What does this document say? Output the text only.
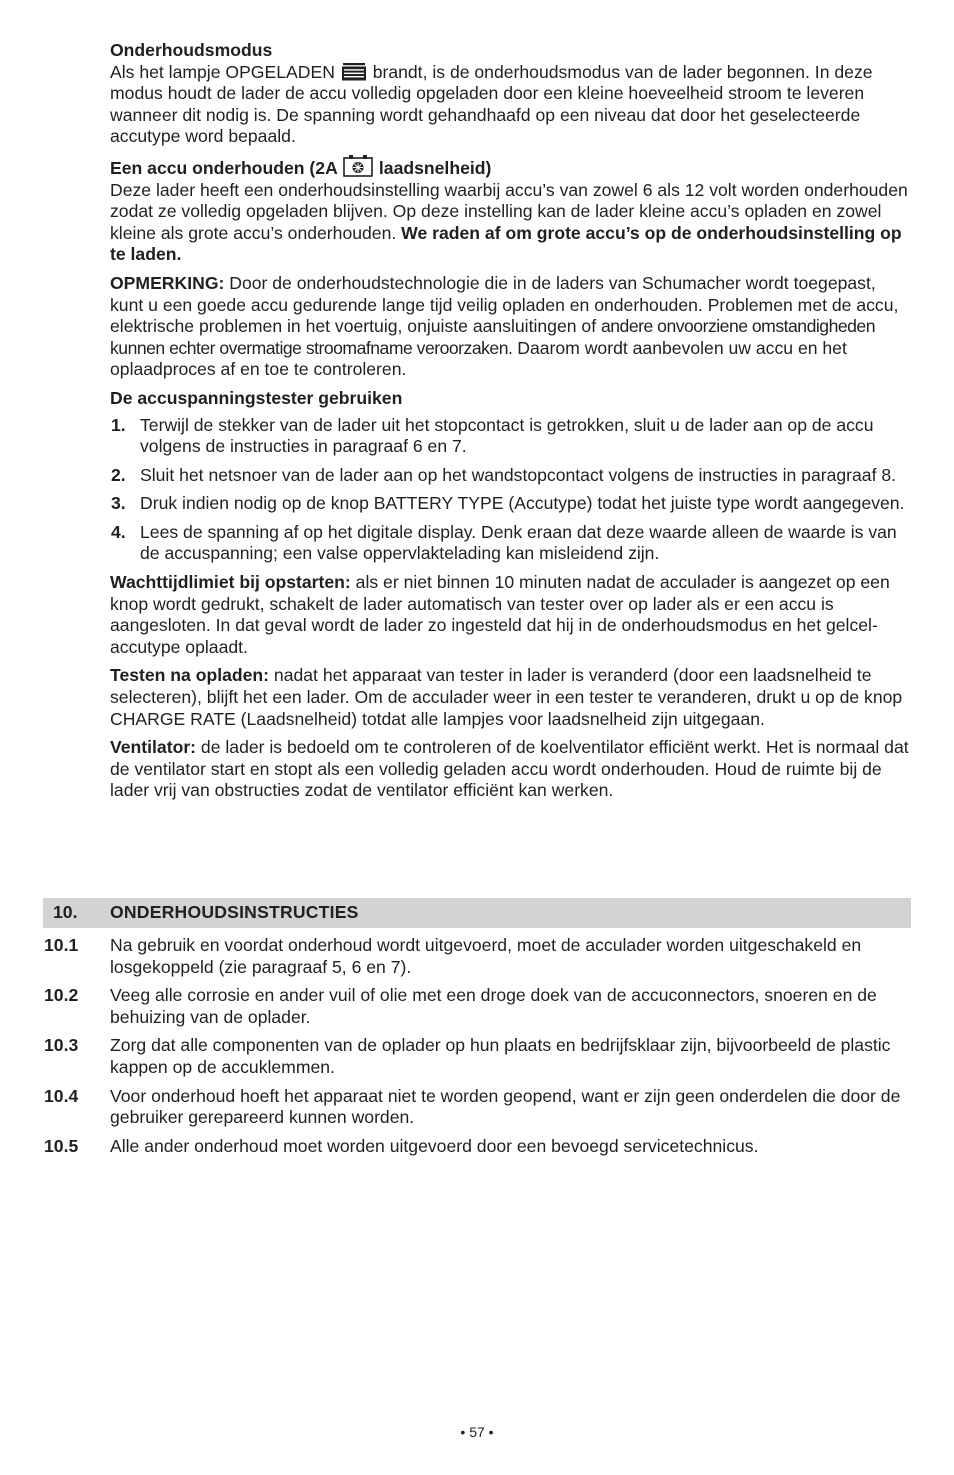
Onderhoudsmodus

Als het lampje OPGELADEN brandt, is de onderhoudsmodus van de lader begonnen. In deze modus houdt de lader de accu volledig opgeladen door een kleine hoeveelheid stroom te leveren wanneer dit nodig is. De spanning wordt gehandhaafd op een niveau dat door het geselecteerde accutype word bepaald.

Een accu onderhouden (2A laadsnelheid)

Deze lader heeft een onderhoudsinstelling waarbij accu’s van zowel 6 als 12 volt worden onderhouden zodat ze volledig opgeladen blijven. Op deze instelling kan de lader kleine accu’s opladen en zowel kleine als grote accu’s onderhouden. We raden af om grote accu’s op de onderhoudsinstelling op te laden.

OPMERKING: Door de onderhoudstechnologie die in de laders van Schumacher wordt toegepast, kunt u een goede accu gedurende lange tijd veilig opladen en onderhouden. Problemen met de accu, elektrische problemen in het voertuig, onjuiste aansluitingen of andere onvoorziene omstandigheden kunnen echter overmatige stroomafname veroorzaken. Daarom wordt aanbevolen uw accu en het oplaadproces af en toe te controleren.

De accuspanningstester gebruiken

1. Terwijl de stekker van de lader uit het stopcontact is getrokken, sluit u de lader aan op de accu volgens de instructies in paragraaf 6 en 7.
2. Sluit het netsnoer van de lader aan op het wandstopcontact volgens de instructies in paragraaf 8.
3. Druk indien nodig op de knop BATTERY TYPE (Accutype) todat het juiste type wordt aangegeven.
4. Lees de spanning af op het digitale display. Denk eraan dat deze waarde alleen de waarde is van de accuspanning; een valse oppervlaktelading kan misleidend zijn.

Wachttijdlimiet bij opstarten: als er niet binnen 10 minuten nadat de acculader is aangezet op een knop wordt gedrukt, schakelt de lader automatisch van tester over op lader als er een accu is aangesloten. In dat geval wordt de lader zo ingesteld dat hij in de onderhoudsmodus en het gelcel-accutype oplaadt.

Testen na opladen: nadat het apparaat van tester in lader is veranderd (door een laadsnelheid te selecteren), blijft het een lader. Om de acculader weer in een tester te veranderen, drukt u op de knop CHARGE RATE (Laadsnelheid) totdat alle lampjes voor laadsnelheid zijn uitgegaan.

Ventilator: de lader is bedoeld om te controleren of de koelventilator efficiënt werkt. Het is normaal dat de ventilator start en stopt als een volledig geladen accu wordt onderhouden. Houd de ruimte bij de lader vrij van obstructies zodat de ventilator efficiënt kan werken.

10. ONDERHOUDSINSTRUCTIES
10.1 Na gebruik en voordat onderhoud wordt uitgevoerd, moet de acculader worden uitgeschakeld en losgekoppeld (zie paragraaf 5, 6 en 7).
10.2 Veeg alle corrosie en ander vuil of olie met een droge doek van de accuconnectors, snoeren en de behuizing van de oplader.
10.3 Zorg dat alle componenten van de oplader op hun plaats en bedrijfsklaar zijn, bijvoorbeeld de plastic kappen op de accuklemmen.
10.4 Voor onderhoud hoeft het apparaat niet te worden geopend, want er zijn geen onderdelen die door de gebruiker gerepareerd kunnen worden.
10.5 Alle ander onderhoud moet worden uitgevoerd door een bevoegd servicetechnicus.
• 57 •
